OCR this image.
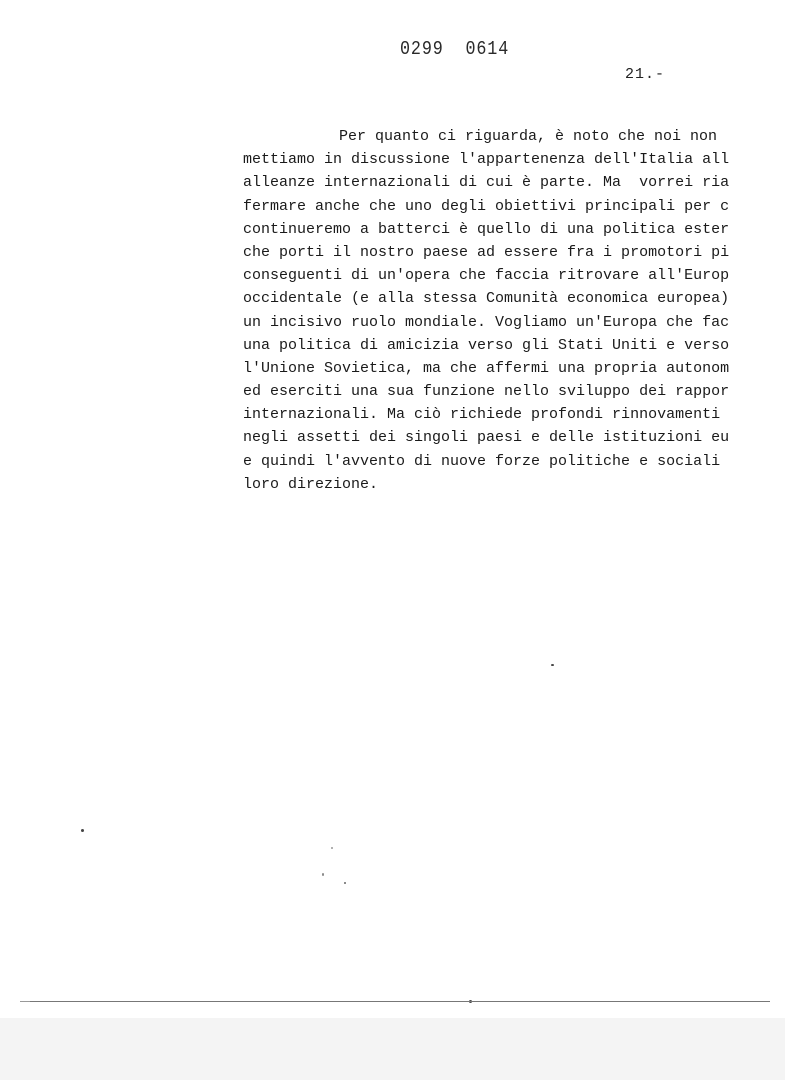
0299  0614
21.-
Per quanto ci riguarda, è noto che noi non
mettiamo in discussione l'appartenenza dell'Italia all
alleanze internazionali di cui è parte. Ma  vorrei ria
fermare anche che uno degli obiettivi principali per c
continueremo a batterci è quello di una politica ester
che porti il nostro paese ad essere fra i promotori pi
conseguenti di un'opera che faccia ritrovare all'Europ
occidentale (e alla stessa Comunità economica europea)
un incisivo ruolo mondiale. Vogliamo un'Europa che fac
una politica di amicizia verso gli Stati Uniti e verso
l'Unione Sovietica, ma che affermi una propria autonom
ed eserciti una sua funzione nello sviluppo dei rappor
internazionali. Ma ciò richiede profondi rinnovamenti
negli assetti dei singoli paesi e delle istituzioni eu
e quindi l'avvento di nuove forze politiche e sociali
loro direzione.
